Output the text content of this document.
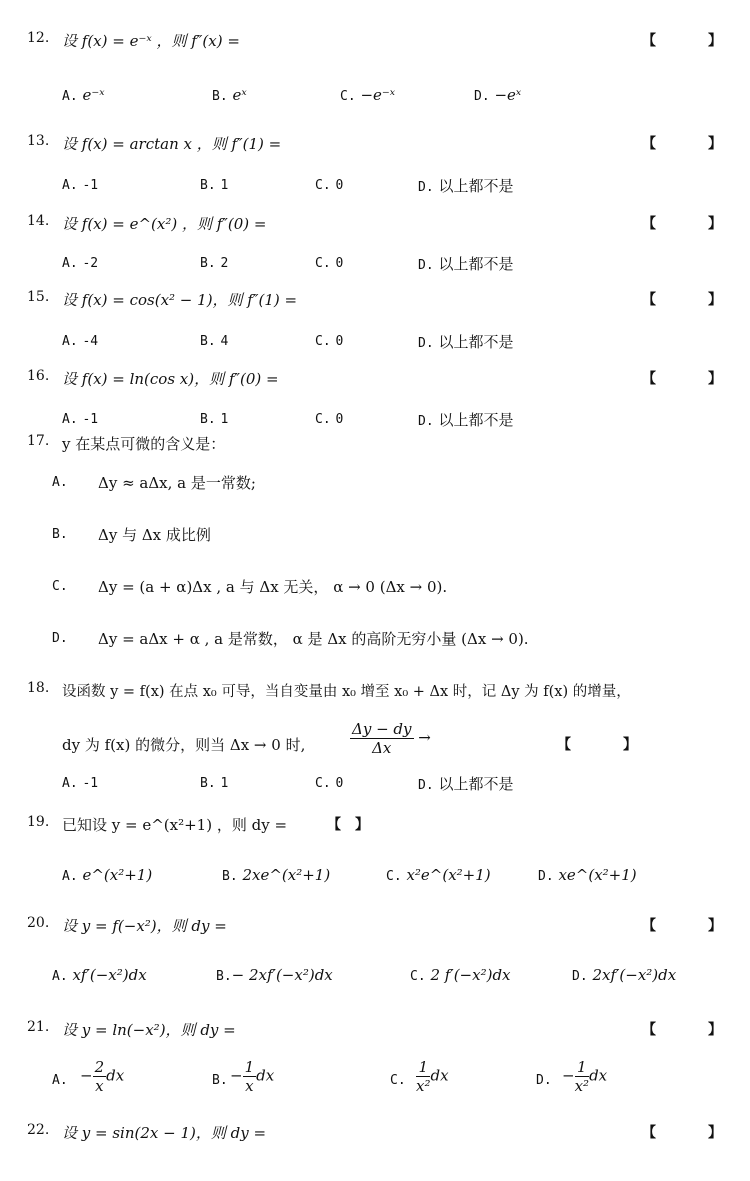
12. 设 f(x) = e⁻ˣ ，则 f″(x) =	【	】
A. e⁻ˣ	B. eˣ	C. −e⁻ˣ	D. −eˣ
13. 设 f(x) = arctan x ，则 f″(1) =	【	】
A. -1	B. 1	C. 0	D. 以上都不是
14. 设 f(x) = e^(x²) ，则 f″(0) =	【	】
A. -2	B. 2	C. 0	D. 以上都不是
15. 设 f(x) = cos(x² − 1)，则 f″(1) =	【	】
A. -4	B. 4	C. 0	D. 以上都不是
16. 设 f(x) = ln(cos x)，则 f″(0) =	【	】
A. -1	B. 1	C. 0	D. 以上都不是
17. y 在某点可微的含义是：
A. Δy ≈ aΔx, a 是一常数;
B. Δy 与 Δx 成比例
C. Δy = (a + α)Δx , a 与 Δx 无关， α → 0 (Δx → 0).
D. Δy = aΔx + α , a 是常数， α 是 Δx 的高阶无穷小量 (Δx → 0).
18. 设函数 y = f(x) 在点 x₀ 可导，当自变量由 x₀ 增至 x₀ + Δx 时，记 Δy 为 f(x) 的增量，
dy 为 f(x) 的微分，则当 Δx → 0 时,	$\frac{\Delta y - dy}{\Delta x}$ →	【	】
A. -1	B. 1	C. 0	D. 以上都不是
19. 已知设 y = e^(x²+1) ，则 dy =	【 】
A. e^(x²+1)	B. 2xe^(x²+1)	C. x²e^(x²+1)	D. xe^(x²+1)
20. 设 y = f(−x²)，则 dy =	【	】
A. xf′(−x²)dx	B.− 2xf′(−x²)dx	C. 2 f′(−x²)dx	D. 2xf′(−x²)dx
21. 设 y = ln(−x²)，则 dy =	【	】
A. − $\frac{2}{x}$ dx	B. − $\frac{1}{x}$ dx	C. $\frac{1}{\text{x²}}$ dx	D. − $\frac{1}{\text{x²}}$ dx
22. 设 y = sin(2x − 1)，则 dy =	【	】
